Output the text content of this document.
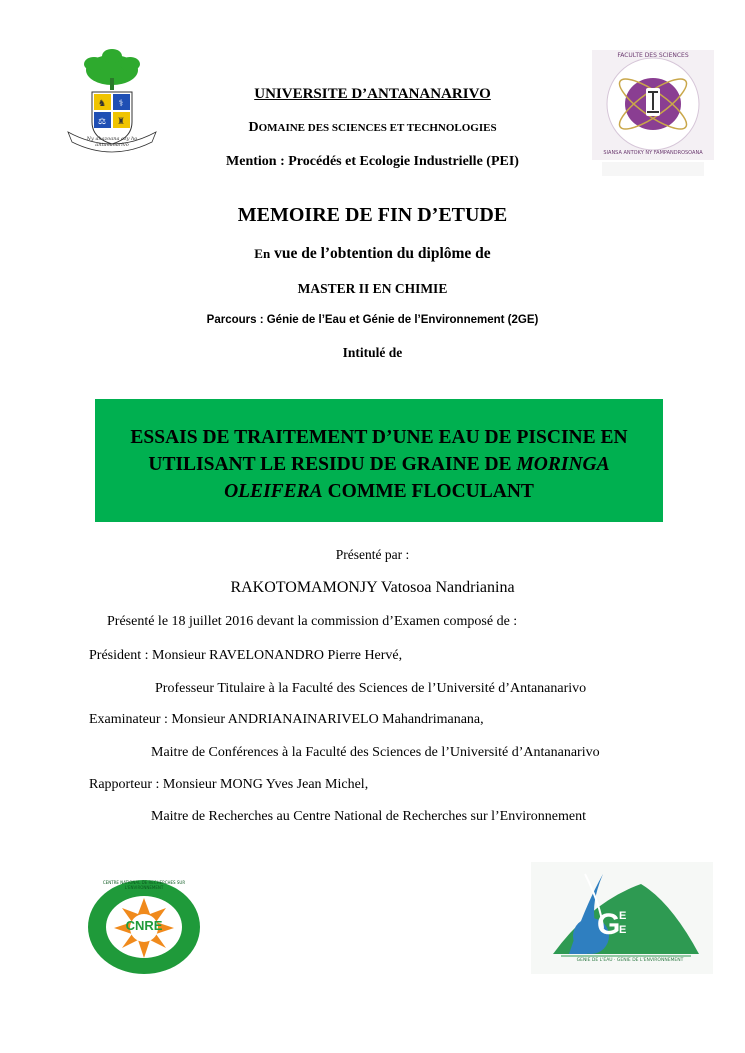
♞ ⚕
⚖ ♜
FACULTE DES SCIENCES
SIANSA ANTOKY NY FAMPANDROSOANA
UNIVERSITE D’ANTANANARIVO
DOMAINE DES SCIENCES ET TECHNOLOGIES
Mention : Procédés et Ecologie Industrielle (PEI)
MEMOIRE DE FIN D’ETUDE
En vue de l’obtention du diplôme de
MASTER II EN CHIMIE
Parcours : Génie de l’Eau et Génie de l’Environnement (2GE)
Intitulé de
ESSAIS DE TRAITEMENT D’UNE EAU DE PISCINE EN
UTILISANT LE RESIDU DE GRAINE DE MORINGA
OLEIFERA COMME FLOCULANT
Présenté par :
RAKOTOMAMONJY Vatosoa Nandrianina
Présenté le 18 juillet 2016 devant la commission d’Examen composé de :
Président : Monsieur RAVELONANDRO Pierre Hervé,
Professeur Titulaire à la Faculté des Sciences de l’Université d’Antananarivo
Examinateur : Monsieur ANDRIANAINARIVELO Mahandrimanana,
Maitre de Conférences à la Faculté des Sciences de l’Université d’Antananarivo
Rapporteur : Monsieur MONG Yves Jean Michel,
Maitre de Recherches au Centre National de Recherches sur l’Environnement
CNRE
CENTRE NATIONAL DE RECHERCHES SUR L'ENVIRONNEMENT
G
E
E
GENIE DE L'EAU · GENIE DE L'ENVIRONNEMENT
Ny ahazoana azy ho antananarivo
